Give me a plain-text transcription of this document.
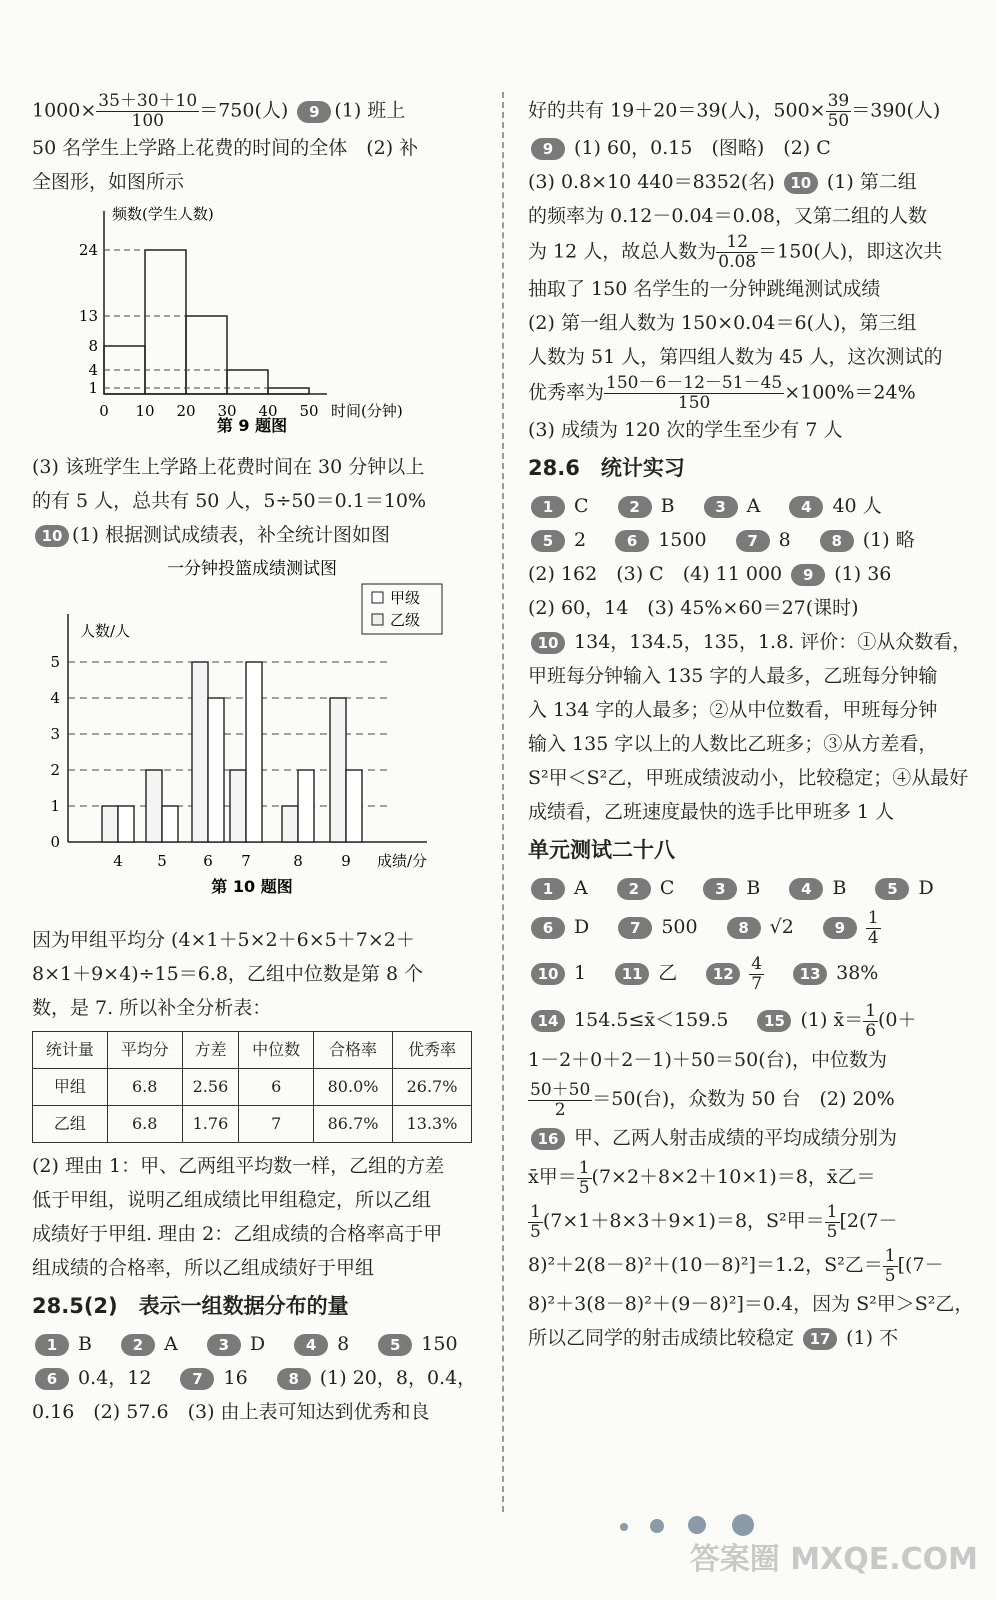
$1000\times \frac{35+30+10}{100} =750$(人) 9 (1) 班上
50 名学生上学路上花费的时间的全体　(2) 补
全图形，如图所示
频数(学生人数)
1
4
8
13
24
0 10 20 30 40 50 时间(分钟)
第 9 题图
(3) 该班学生上学路上花费时间在 30 分钟以上
的有 5 人，总共有 50 人，5÷50＝0.1＝10%
10 (1) 根据测试成绩表，补全统计图如图
一分钟投篮成绩测试图
甲级
乙级
人数/人
0
1
2
3
4
5
4 5 6 7	8	9 成绩/分
第 10 题图
因为甲组平均分 (4×1＋5×2＋6×5＋7×2＋
8×1＋9×4)÷15＝6.8，乙组中位数是第 8 个
数，是 7. 所以补全分析表：
统计量	平均分	方差	中位数	合格率	优秀率
甲组	6.8	2.56	6	80.0%	26.7%
乙组	6.8	1.76	7	86.7%	13.3%
(2) 理由 1：甲、乙两组平均数一样，乙组的方差
低于甲组，说明乙组成绩比甲组稳定，所以乙组
成绩好于甲组. 理由 2：乙组成绩的合格率高于甲
组成绩的合格率，所以乙组成绩好于甲组
28.5(2)　表示一组数据分布的量
1 B	2 A	3 D	4 8	5 150
6 0.4，12	7 16	8 (1) 20，8，0.4，
0.16　(2) 57.6　(3) 由上表可知达到优秀和良
好的共有 19＋20＝39(人)，$500\times \frac{39}{50} =390$(人)
9 (1) 60，0.15　(图略)　(2) C
(3) 0.8×10 440＝8352(名) 10 (1) 第二组
的频率为 0.12－0.04＝0.08，又第二组的人数
为 12 人，故总人数为 $\frac{12}{0.08} =150$(人)，即这次共
抽取了 150 名学生的一分钟跳绳测试成绩
(2) 第一组人数为 150×0.04＝6(人)，第三组
人数为 51 人，第四组人数为 45 人，这次测试的
优秀率为 $\frac{150-6-12-51-45}{150} \times 100\%=24\%$
(3) 成绩为 120 次的学生至少有 7 人
28.6　统计实习
1 C	2 B	3 A	4 40 人
5 2	6 1500	7 8	8 (1) 略
(2) 162　(3) C　(4) 11 000 9 (1) 36
(2) 60，14　(3) 45%×60＝27(课时)
10 134，134.5，135，1.8. 评价：①从众数看，
甲班每分钟输入 135 字的人最多，乙班每分钟输
入 134 字的人最多；②从中位数看，甲班每分钟
输入 135 字以上的人数比乙班多；③从方差看，
S²甲＜S²乙，甲班成绩波动小，比较稳定；④从最好
成绩看，乙班速度最快的选手比甲班多 1 人
单元测试二十八
1 A	2 C	3 B	4 B	5 D
6 D	7 500	8 √2	$9 \frac{1}{4}$
10 1 11 乙 $12 \frac{4}{7} 13$ 38%
14 154.5≤x̄＜159.5 15 (1) x̄＝ $\frac{1}{6} (0+$
1－2＋0＋2－1)＋50＝50(台)，中位数为
$\frac{50+50}{2} =50$(台)，众数为 50 台　(2) 20%
16 甲、乙两人射击成绩的平均成绩分别为
x̄甲＝ $\frac{1}{5} (7\times 2+8\times 2+10\times 1)=8$，x̄乙＝
$\frac{1}{5} (7\times 1+8\times 3+9\times 1)=8$，S²甲＝ $\frac{1}{5} [2(7-$
8)²＋2(8－8)²＋(10－8)²]＝1.2，S²乙＝ $\frac{1}{5} [(7-$
8)²＋3(8－8)²＋(9－8)²]＝0.4，因为 S²甲＞S²乙，
所以乙同学的射击成绩比较稳定 17 (1) 不
答案圈 MXQE.COM
